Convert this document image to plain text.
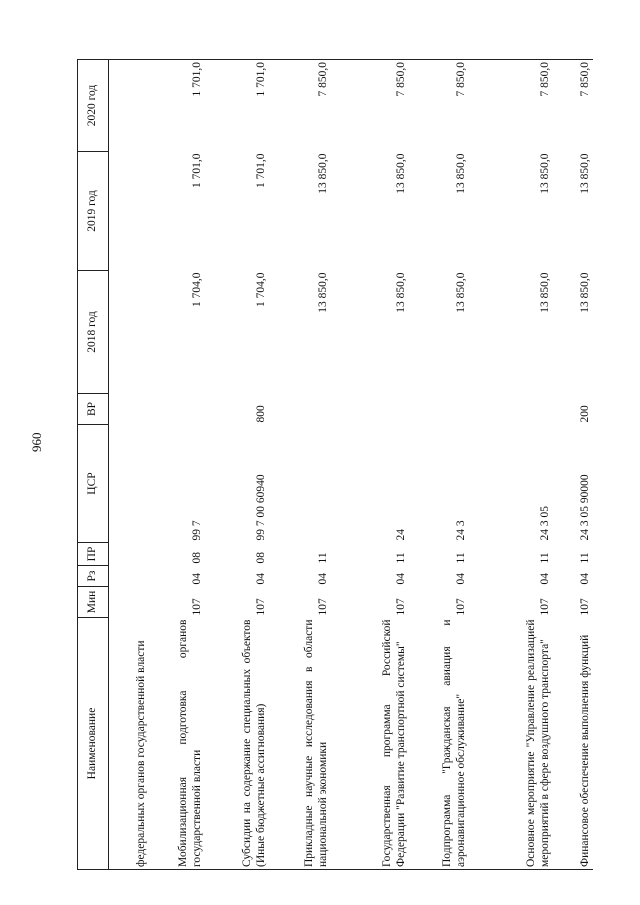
960
Наименование	Мин	Рз	ПР	ЦСР	ВР	2018 год	2019 год	2020 год
федеральных органов государственной власти								
Мобилизационная подготовка органов государственной власти	107	04	08	99 7		1 704,0	1 701,0	1 701,0
Субсидии на содержание специальных объектов (Иные бюджетные ассигнования)	107	04	08	99 7 00 60940	800	1 704,0	1 701,0	1 701,0
Прикладные научные исследования в области национальной экономики	107	04	11			13 850,0	13 850,0	7 850,0
Государственная программа Российской Федерации "Развитие транспортной системы"	107	04	11	24		13 850,0	13 850,0	7 850,0
Подпрограмма "Гражданская авиация и аэронавигационное обслуживание"	107	04	11	24 3		13 850,0	13 850,0	7 850,0
Основное мероприятие "Управление реализацией мероприятий в сфере воздушного транспорта"	107	04	11	24 3 05		13 850,0	13 850,0	7 850,0
Финансовое обеспечение выполнения функций	107	04	11	24 3 05 90000	200	13 850,0	13 850,0	7 850,0
